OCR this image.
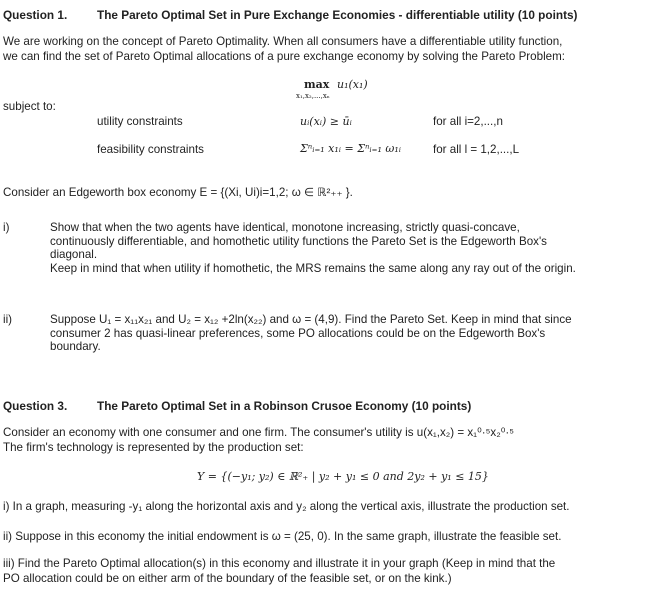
Question 1.	The Pareto Optimal Set in Pure Exchange Economies - differentiable utility (10 points)
We are working on the concept of Pareto Optimality. When all consumers have a differentiable utility function,
we can find the set of Pareto Optimal allocations of a pure exchange economy by solving the Pareto Problem:
max
x₁,x₂,...,xₙ
u₁(x₁)
subject to:
utility constraints	uᵢ(xᵢ) ≥ ūᵢ	for all i=2,...,n
feasibility constraints	Σⁿᵢ₌₁ x₁ᵢ = Σⁿᵢ₌₁ ω₁ᵢ	for all l = 1,2,...,L
Consider an Edgeworth box economy E = {(Xi, Ui)i=1,2; ω ∈ ℝ²₊₊ }.
i)	Show that when the two agents have identical, monotone increasing, strictly quasi-concave,
continuously differentiable, and homothetic utility functions the Pareto Set is the Edgeworth Box's
diagonal.
Keep in mind that when utility if homothetic, the MRS remains the same along any ray out of the origin.
ii)	Suppose U₁ = x₁₁x₂₁ and U₂ = x₁₂ +2ln(x₂₂) and ω = (4,9). Find the Pareto Set. Keep in mind that since
consumer 2 has quasi-linear preferences, some PO allocations could be on the Edgeworth Box's
boundary.
Question 3.	The Pareto Optimal Set in a Robinson Crusoe Economy (10 points)
Consider an economy with one consumer and one firm. The consumer's utility is u(x₁,x₂) = x₁⁰·⁵x₂⁰·⁵
The firm's technology is represented by the production set:
Y = {(−y₁; y₂) ∈ ℝ²₊ | y₂ + y₁ ≤ 0 and 2y₂ + y₁ ≤ 15}
i) In a graph, measuring -y₁ along the horizontal axis and y₂ along the vertical axis, illustrate the production set.
ii) Suppose in this economy the initial endowment is ω = (25, 0). In the same graph, illustrate the feasible set.
iii) Find the Pareto Optimal allocation(s) in this economy and illustrate it in your graph (Keep in mind that the
PO allocation could be on either arm of the boundary of the feasible set, or on the kink.)
